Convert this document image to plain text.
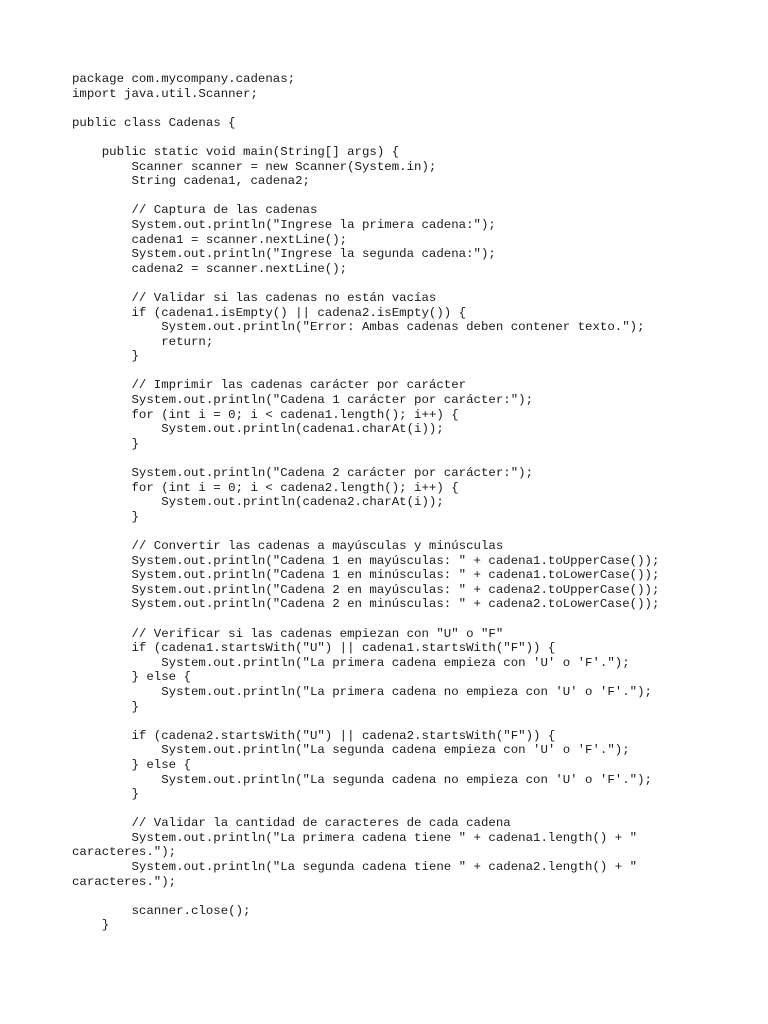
package com.mycompany.cadenas;
import java.util.Scanner;

public class Cadenas {

public static void main(String[] args) {
Scanner scanner = new Scanner(System.in);
String cadena1, cadena2;

// Captura de las cadenas
System.out.println("Ingrese la primera cadena:");
cadena1 = scanner.nextLine();
System.out.println("Ingrese la segunda cadena:");
cadena2 = scanner.nextLine();

// Validar si las cadenas no están vacías
if (cadena1.isEmpty() || cadena2.isEmpty()) {
System.out.println("Error: Ambas cadenas deben contener texto.");
return;
}

// Imprimir las cadenas carácter por carácter
System.out.println("Cadena 1 carácter por carácter:");
for (int i = 0; i < cadena1.length(); i++) {
System.out.println(cadena1.charAt(i));
}

System.out.println("Cadena 2 carácter por carácter:");
for (int i = 0; i < cadena2.length(); i++) {
System.out.println(cadena2.charAt(i));
}

// Convertir las cadenas a mayúsculas y minúsculas
System.out.println("Cadena 1 en mayúsculas: " + cadena1.toUpperCase());
System.out.println("Cadena 1 en minúsculas: " + cadena1.toLowerCase());
System.out.println("Cadena 2 en mayúsculas: " + cadena2.toUpperCase());
System.out.println("Cadena 2 en minúsculas: " + cadena2.toLowerCase());

// Verificar si las cadenas empiezan con "U" o "F"
if (cadena1.startsWith("U") || cadena1.startsWith("F")) {
System.out.println("La primera cadena empieza con 'U' o 'F'.");
} else {
System.out.println("La primera cadena no empieza con 'U' o 'F'.");
}

if (cadena2.startsWith("U") || cadena2.startsWith("F")) {
System.out.println("La segunda cadena empieza con 'U' o 'F'.");
} else {
System.out.println("La segunda cadena no empieza con 'U' o 'F'.");
}

// Validar la cantidad de caracteres de cada cadena
System.out.println("La primera cadena tiene " + cadena1.length() + "
caracteres.");
System.out.println("La segunda cadena tiene " + cadena2.length() + "
caracteres.");

scanner.close();
}
